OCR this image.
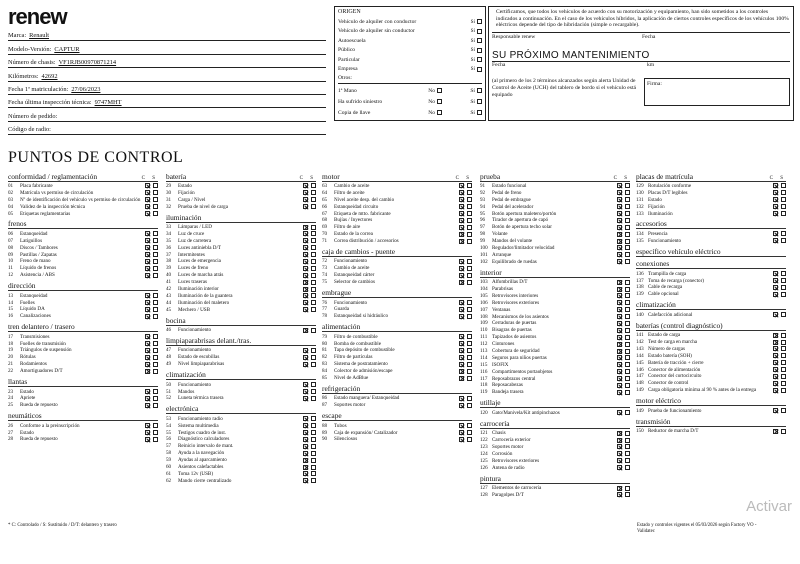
renew
Marca: Renault
Modelo-Versión: CAPTUR
Número de chasis: VF1RJB00970871214
Kilómetros: 42692
Fecha 1ª matriculación: 27/06/2023
Fecha última inspección técnica: 9747MHT
Número de pedido:
Código de radio:
ORIGEN
Vehículo de alquiler con conductor	Sí
Vehículo de alquiler sin conductor	Sí
Autoescuela	Sí
Público	Sí
Particular	Sí
Empresa	Sí
Otros:
1ª Mano	No	Sí
Ha sufrido siniestro	No	Sí
Copia de llave	No	Sí
Certificamos, que todos los vehículos de acuerdo con su motorización y equipamiento, han sido sometidos a los controles indicados a continuación. En el caso de los vehículos híbridos, la aplicación de ciertos controles específicos de los vehículos 100% eléctricos depende del tipo de hibridación (simple o recargable).
Responsable renew	Fecha
SU PRÓXIMO MANTENIMIENTO
Fecha	km
(al primero de los 2 términos alcanzados según alerta Unidad de Control de Aceite (UCH) del tablero de bordo si el vehículo está equipado
Firma:
PUNTOS DE CONTROL
conformidad / reglamentación	C S
01	Placa fabricante
02	Matrícula vs permiso de circulación
03	Nº de identificación del vehículo vs permiso de circulación
04	Validez de la inspección técnica
05	Etiquetas reglamentarias
frenos
06	Estanqueidad
07	Latiguillos
08	Discos / Tambores
09	Pastillas / Zapatas
10	Freno de mano
11	Líquido de frenos
12	Asistencia / ABS
dirección
13	Estanqueidad
14	Fuelles
15	Líquido DA
16	Canalizaciones
tren delantero / trasero
17	Transmisiones
18	Fuelles de transmisión
19	Triángulos de suspensión
20	Rótulas
21	Rodamientos
22	Amortiguadores D/T
llantas
23	Estado
24	Apriete
25	Rueda de repuesto
neumáticos
26	Conforme a la preinscripción
27	Estado
28	Rueda de repuesto
batería	C S
29	Estado
30	Fijación
31	Carga / Nivel
32	Prueba de nivel de carga
iluminación
33	Lámparas / LED
34	Luz de cruce
35	Luz de carretera
36	Luces antiniebla D/T
37	Intermitentes
38	Luces de emergencia
39	Luces de freno
40	Luces de marcha atrás
41	Luces traseras
42	Iluminación interior
43	Iluminación de la guantera
44	Iluminación del maletero
45	Mechero / USB
bocina
46	Funcionamiento
limpiaparabrisas delant./tras.
47	Funcionamiento
48	Estado de escobillas
49	Nivel limpiaparabrisas
climatización
50	Funcionamiento
51	Mandos
52	Luneta térmica trasera
electrónica
53	Funcionamiento radio
54	Sistema multimedia
55	Testigos cuadro de inst.
56	Diagnóstico calculadores
57	Reinicio intervalo de mant.
58	Ayuda a la navegación
59	Ayudas al aparcamiento
60	Asientos calefactables
61	Toma 12v (USB)
62	Mando cierre centralizado
motor	C S
63	Cambio de aceite
64	Filtro de aceite
65	Nivel aceite desp. del cambio
66	Estanqueidad circuito
67	Etiqueta de mtto. fabricante
68	Bujías / Inyectores
69	Filtro de aire
70	Estado de la correa
71	Correa distribución / accesorios
caja de cambios - puente
72	Funcionamiento
73	Cambio de aceite
74	Estanqueidad cárter
75	Selector de cambios
embrague
76	Funcionamiento
77	Guarda
78	Estanqueidad si hidráulico
alimentación
79	Filtro de combustible
80	Bomba de combustible
81	Tapa depósito de combustible
82	Filtro de partículas
83	Sistema de postratamiento
84	Colector de admisión/escape
85	Nivel de AdBlue
refrigeración
86	Estado manguera/ Estanqueidad
87	Soportes motor
escape
88	Tubos
89	Caja de expansión/ Catalizador
90	Silenciosos
prueba	C S
91	Estado funcional
92	Pedal de freno
93	Pedal de embrague
94	Pedal del acelerador
95	Botón apertura maletero/portón
96	Tirador de apertura de capó
97	Botón de apertura techo solar
98	Volante
99	Mandos del volante
100 Regulador/limitador velocidad
101 Arranque
102 Equilibrado de ruedas
interior
103 Alfombrillas D/T
104 Parabrisas
105 Retrovisores interiores
106 Retrovisores exteriores
107 Ventanas
108 Mecanismos de los asientos
109 Cerraduras de puertas
110 Bisagras de puertas
111 Tapizados de asientos
112 Cinturones
113 Cobertura de seguridad
114 Seguros para niños puertas
115 ISOFIX
116 Compartimentos portaobjetos
117 Reposabrazos central
118 Reposacabezas
119 Bandeja trasera
utillaje
120 Gato/Manivela/Kit antipinchazos
carrocería
121 Chasis
122 Carrocería exterior
123 Soportes motor
124 Corrosión
125 Retrovisores exteriores
126 Antena de radio
pintura
127 Elementos de carrocería
128 Paragolpes D/T
placas de matrícula	C S
129 Rotulación conforme
130 Placas D/T legibles
131 Estado
132 Fijación
133 Iluminación
accesorios
134 Presencia
135 Funcionamiento
específico vehículo eléctrico
conexiones
136 Trampilla de carga
137 Toma de recarga (conector)
138 Cable de recarga
139 Cable opcional
climatización
140 Calefacción adicional
baterías (control diagnóstico)
141 Estado de carga
142 Test de carga en marcha
143 Número de cargas
144 Estado batería (SOH)
145 Batería de tracción + cierre
146 Conector de alimentación
147 Conector del cortocircuito
148 Conector de control
149 Carga obligatoria mínima al 90 % antes de la entrega
motor eléctrico
149 Prueba de funcionamiento
transmisión
150 Reductor de marcha D/T
* C: Controlado / S: Sustituido / D/T: delantero y trasero	Estado y controles vigentes el 05/03/2026 según Factory VO - Validatec
Activar
